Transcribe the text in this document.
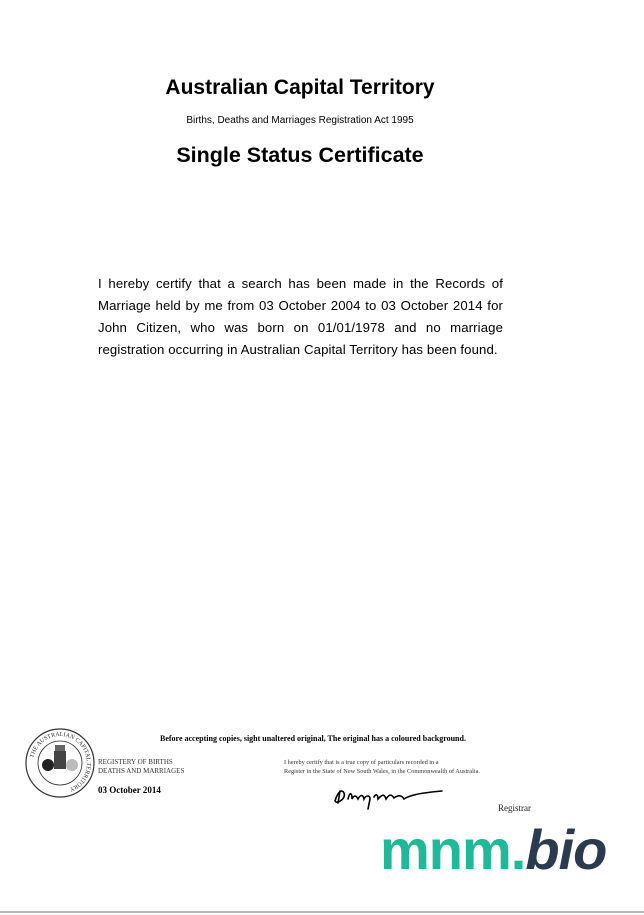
Australian Capital Territory
Births, Deaths and Marriages Registration Act 1995
Single Status Certificate
I hereby certify that a search has been made in the Records of Marriage held by me from 03 October 2004 to 03 October 2014 for John Citizen, who was born on 01/01/1978 and no marriage registration occurring in Australian Capital Territory has been found.
THE AUSTRALIAN CAPITAL TERRITORY
Before accepting copies, sight unaltered original, The original has a coloured background.
REGISTERY OF BIRTHS
DEATHS AND MARRIAGES
03 October 2014
I hereby certify that is a true copy of particulars recorded in a
Register in the State of New South Wales, in the Commonwealth of Australia.
Registrar
mnm.bio
